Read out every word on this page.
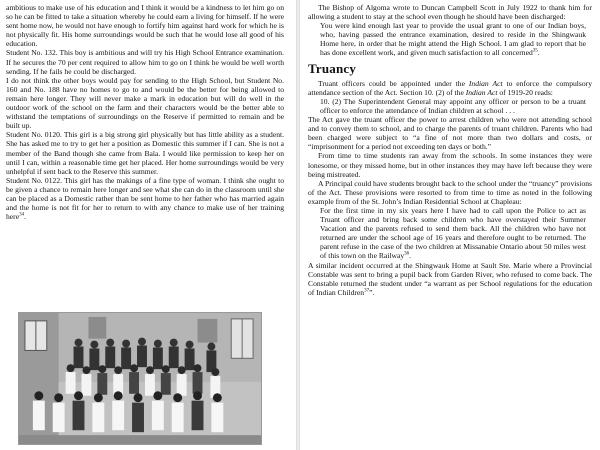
ambitious to make use of his education and I think it would be a kindness to let him go on so he can be fitted to take a situation whereby he could earn a living for himself. If he were sent home now, he would not have enough to fortify him against hard work for which he is not physically fit. His home surroundings would be such that he would lose all good of his education.

Student No. 132. This boy is ambitious and will try his High School Entrance examination. If he secures the 70 per cent required to allow him to go on I think he would be well worth sending. If he fails he could be discharged.

I do not think the other boys would pay for sending to the High School, but Student No. 160 and No. 188 have no homes to go to and would be the better for being allowed to remain here longer. They will never make a mark in education but will do well in the outdoor work of the school on the farm and their characters would be the better able to withstand the temptations of surroundings on the Reserve if permitted to remain and be built up.

Student No. 0120. This girl is a big strong girl physically but has little ability as a student. She has asked me to try to get her a position as Domestic this summer if I can. She is not a member of the Band though she came from Bala. I would like permission to keep her on until I can, within a reasonable time get her placed. Her home surroundings would be very unhelpful if sent back to the Reserve this summer.

Student No. 0122. This girl has the makings of a fine type of woman. I think she ought to be given a chance to remain here longer and see what she can do in the classroom until she can be placed as a Domestic rather than be sent home to her father who has married again and the home is not fit for her to return to with any chance to make use of her training here$^{34}$.

The Bishop of Algoma wrote to Duncan Campbell Scott in July 1922 to thank him for allowing a student to stay at the school even though he should have been discharged:

You were kind enough last year to provide the usual grant to one of our Indian boys, who, having passed the entrance examination, desired to reside in the Shingwauk Home here, in order that he might attend the High School. I am glad to report that he has done excellent work, and given much satisfaction to all concerned$^{35}$.

Truancy

Truant officers could be appointed under the Indian Act to enforce the compulsory attendance section of the Act. Section 10. (2) of the Indian Act of 1919-20 reads:

10. (2) The Superintendent General may appoint any officer or person to be a truant officer to enforce the attendance of Indian children at school . . .

The Act gave the truant officer the power to arrest children who were not attending school and to convey them to school, and to charge the parents of truant children. Parents who had been charged were subject to “a fine of not more than two dollars and costs, or “imprisonment for a period not exceeding ten days or both.”

From time to time students ran away from the schools. In some instances they were lonesome, or they missed home, but in other instances they may have left because they were being mistreated.

A Principal could have students brought back to the school under the “truancy” provisions of the Act. These provisions were resorted to from time to time as noted in the following example from of the St. John’s Indian Residential School at Chapleau:

For the first time in my six years here I have had to call upon the Police to act as Truant officer and bring back some children who have overstayed their Summer Vacation and the parents refused to send them back. All the children who have not returned are under the school age of 16 years and therefore ought to be returned. The parent refuse in the case of the two children at Missanabie Ontario about 50 miles west of this town on the Railway$^{36}$.

A similar incident occurred at the Shingwauk Home at Sault Ste. Marie where a Provincial Constable was sent to bring a pupil back from Garden River, who refused to come back. The Constable returned the student under “a warrant as per School regulations for the education of Indian Children$^{37}$”.
